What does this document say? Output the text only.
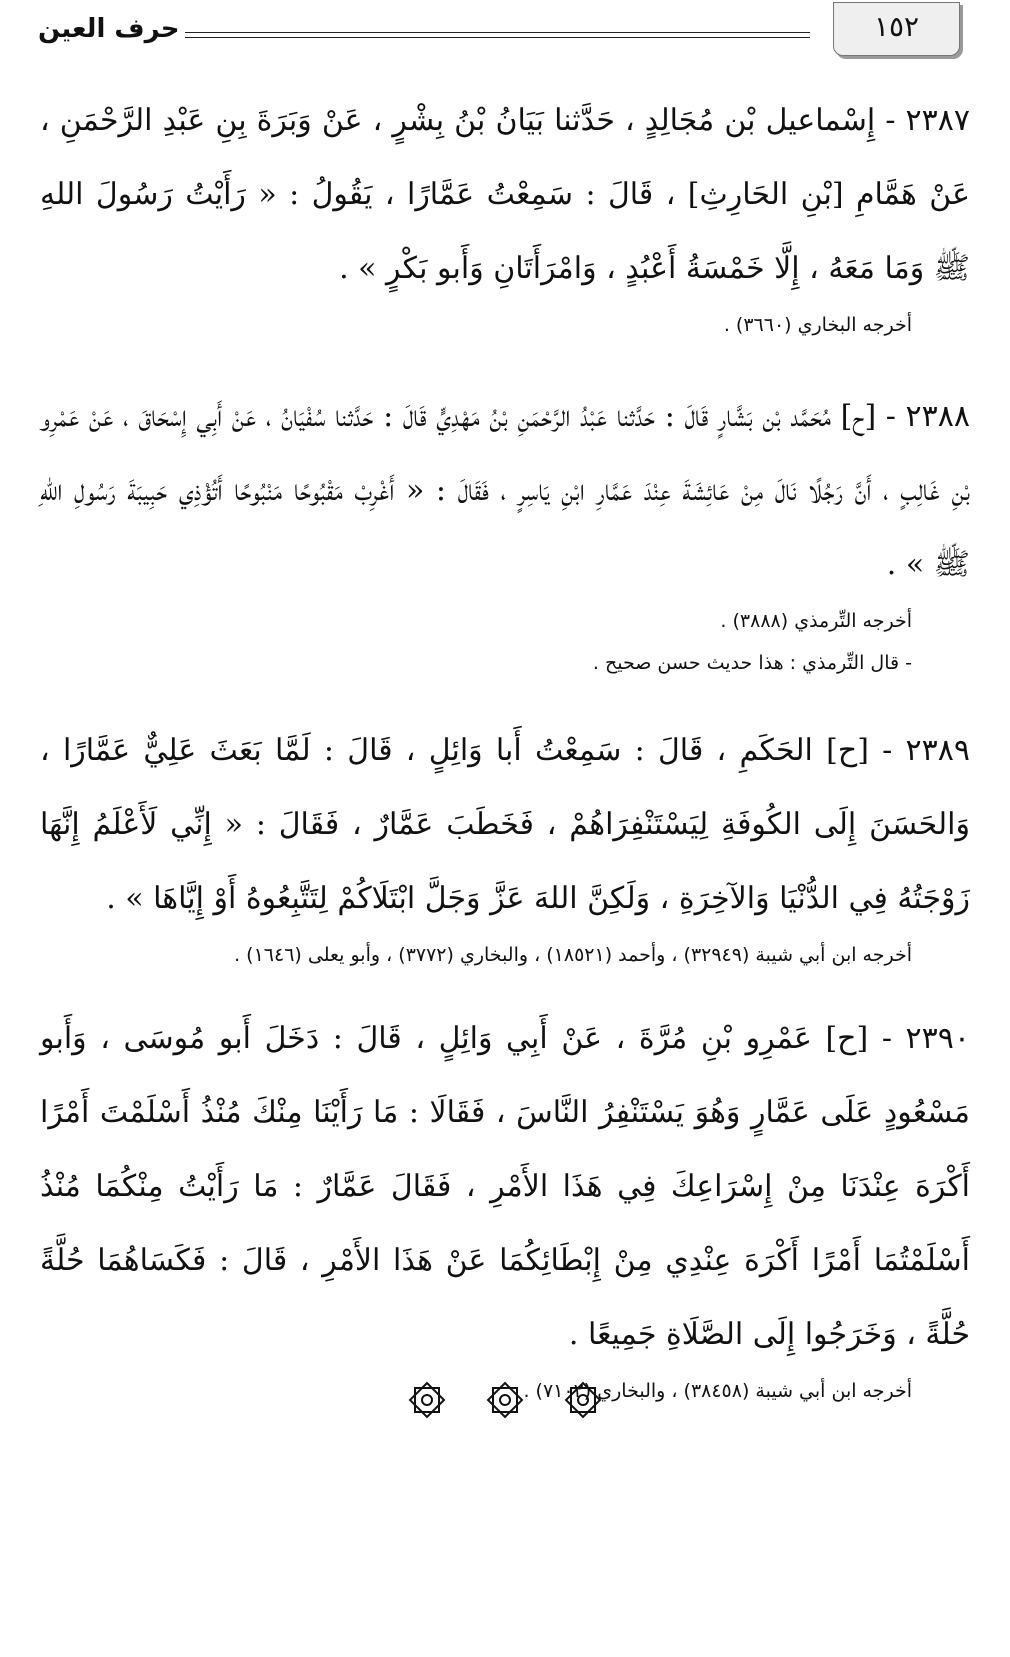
١٥٢
حرف العين

٢٣٨٧ - إِسْماعيل بْن مُجَالِدٍ ، حَدَّثنا بَيَانُ بْنُ بِشْرٍ ، عَنْ وَبَرَةَ بِنِ عَبْدِ الرَّحْمَنِ ، عَنْ هَمَّامِ [بْنِ الحَارِثِ] ، قَالَ : سَمِعْتُ عَمَّارًا ، يَقُولُ : « رَأَيْتُ رَسُولَ اللهِ ﷺ وَمَا مَعَهُ ، إِلَّا خَمْسَةُ أَعْبُدٍ ، وَامْرَأَتَانِ وَأَبو بَكْرٍ » .

أخرجه البخاري (٣٦٦٠) .

٢٣٨٨ - [ح] مُحَمَّد بْن بَشَّارٍ قَالَ : حَدَّثنا عَبْدُ الرَّحْمَنِ بْنُ مَهْدِيٍّ قَالَ : حَدَّثنا سُفْيَانُ ، عَنْ أَبِي إِسْحَاقَ ، عَنْ عَمْرِو بْنِ غَالِبٍ ، أَنَّ رَجُلًا نَالَ مِنْ عَائِشَةَ عِنْدَ عَمَّارِ ابْنِ يَاسِرٍ ، فَقَالَ : « أَغْرِبْ مَقْبُوحًا مَنْبُوحًا أَتُؤْذِي حَبِيبَةَ رَسُولِ اللهِ ﷺ » .

أخرجه التِّرمذي (٣٨٨٨) .

- قال التِّرمذي : هذا حديث حسن صحيح .

٢٣٨٩ - [ح] الحَكَمِ ، قَالَ : سَمِعْتُ أَبا وَائِلٍ ، قَالَ : لَمَّا بَعَثَ عَلِيٌّ عَمَّارًا ، وَالحَسَنَ إِلَى الكُوفَةِ لِيَسْتَنْفِرَاهُمْ ، فَخَطَبَ عَمَّارٌ ، فَقَالَ : « إِنِّي لَأَعْلَمُ إِنَّهَا زَوْجَتُهُ فِي الدُّنْيَا وَالآخِرَةِ ، وَلَكِنَّ اللهَ عَزَّ وَجَلَّ ابْتَلَاكُمْ لِتَتَّبِعُوهُ أَوْ إِيَّاهَا » .

أخرجه ابن أبي شيبة (٣٢٩٤٩) ، وأحمد (١٨٥٢١) ، والبخاري (٣٧٧٢) ، وأبو يعلى (١٦٤٦) .

٢٣٩٠ - [ح] عَمْرِو بْنِ مُرَّةَ ، عَنْ أَبِي وَائِلٍ ، قَالَ : دَخَلَ أَبو مُوسَى ، وَأَبو مَسْعُودٍ عَلَى عَمَّارٍ وَهُوَ يَسْتَنْفِرُ النَّاسَ ، فَقَالَا : مَا رَأَيْنَا مِنْكَ مُنْذُ أَسْلَمْتَ أَمْرًا أَكْرَهَ عِنْدَنَا مِنْ إِسْرَاعِكَ فِي هَذَا الأَمْرِ ، فَقَالَ عَمَّارٌ : مَا رَأَيْتُ مِنْكُمَا مُنْذُ أَسْلَمْتُمَا أَمْرًا أَكْرَهَ عِنْدِي مِنْ إِبْطَائِكُمَا عَنْ هَذَا الأَمْرِ ، قَالَ : فَكَسَاهُمَا حُلَّةً حُلَّةً ، وَخَرَجُوا إِلَى الصَّلَاةِ جَمِيعًا .

أخرجه ابن أبي شيبة (٣٨٤٥٨) ، والبخاري (٧١٠٢) .
